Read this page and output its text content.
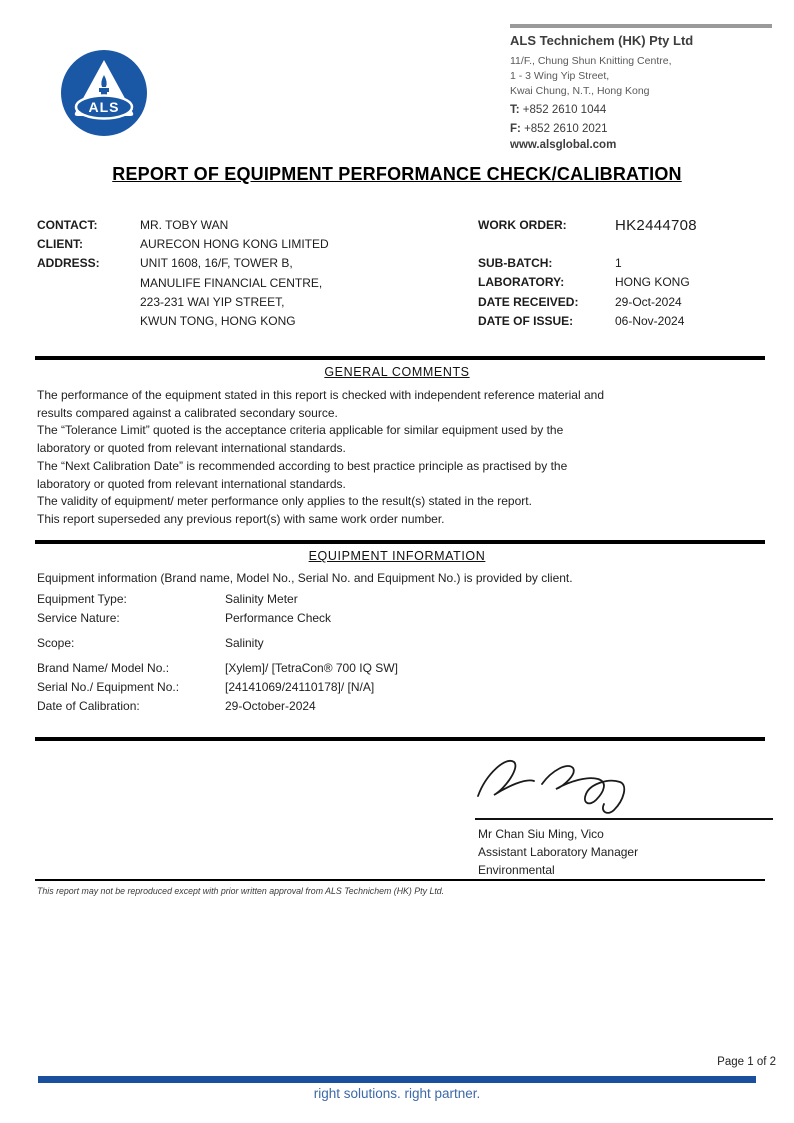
ALS
ALS Technichem (HK) Pty Ltd
11/F., Chung Shun Knitting Centre,
1 - 3 Wing Yip Street,
Kwai Chung, N.T., Hong Kong
T: +852 2610 1044
F: +852 2610 2021
www.alsglobal.com
REPORT OF EQUIPMENT PERFORMANCE CHECK/CALIBRATION
CONTACT:	MR. TOBY WAN
CLIENT:	AURECON HONG KONG LIMITED
ADDRESS:	UNIT 1608, 16/F, TOWER B,
MANULIFE FINANCIAL CENTRE,
223-231 WAI YIP STREET,
KWUN TONG, HONG KONG
WORK ORDER:	HK2444708
SUB-BATCH:	1
LABORATORY:	HONG KONG
DATE RECEIVED:	29-Oct-2024
DATE OF ISSUE:	06-Nov-2024
GENERAL COMMENTS
The performance of the equipment stated in this report is checked with independent reference material and
results compared against a calibrated secondary source.
The “Tolerance Limit” quoted is the acceptance criteria applicable for similar equipment used by the
laboratory or quoted from relevant international standards.
The “Next Calibration Date” is recommended according to best practice principle as practised by the
laboratory or quoted from relevant international standards.
The validity of equipment/ meter performance only applies to the result(s) stated in the report.
This report superseded any previous report(s) with same work order number.
EQUIPMENT INFORMATION
Equipment information (Brand name, Model No., Serial No. and Equipment No.) is provided by client.
Equipment Type:	Salinity Meter
Service Nature:	Performance Check
Scope:	Salinity
Brand Name/ Model No.:	[Xylem]/ [TetraCon® 700 IQ SW]
Serial No./ Equipment No.:	[24141069/24110178]/ [N/A]
Date of Calibration:	29-October-2024
Mr Chan Siu Ming, Vico
Assistant Laboratory Manager
Environmental
This report may not be reproduced except with prior written approval from ALS Technichem (HK) Pty Ltd.
Page 1 of 2
right solutions. right partner.
